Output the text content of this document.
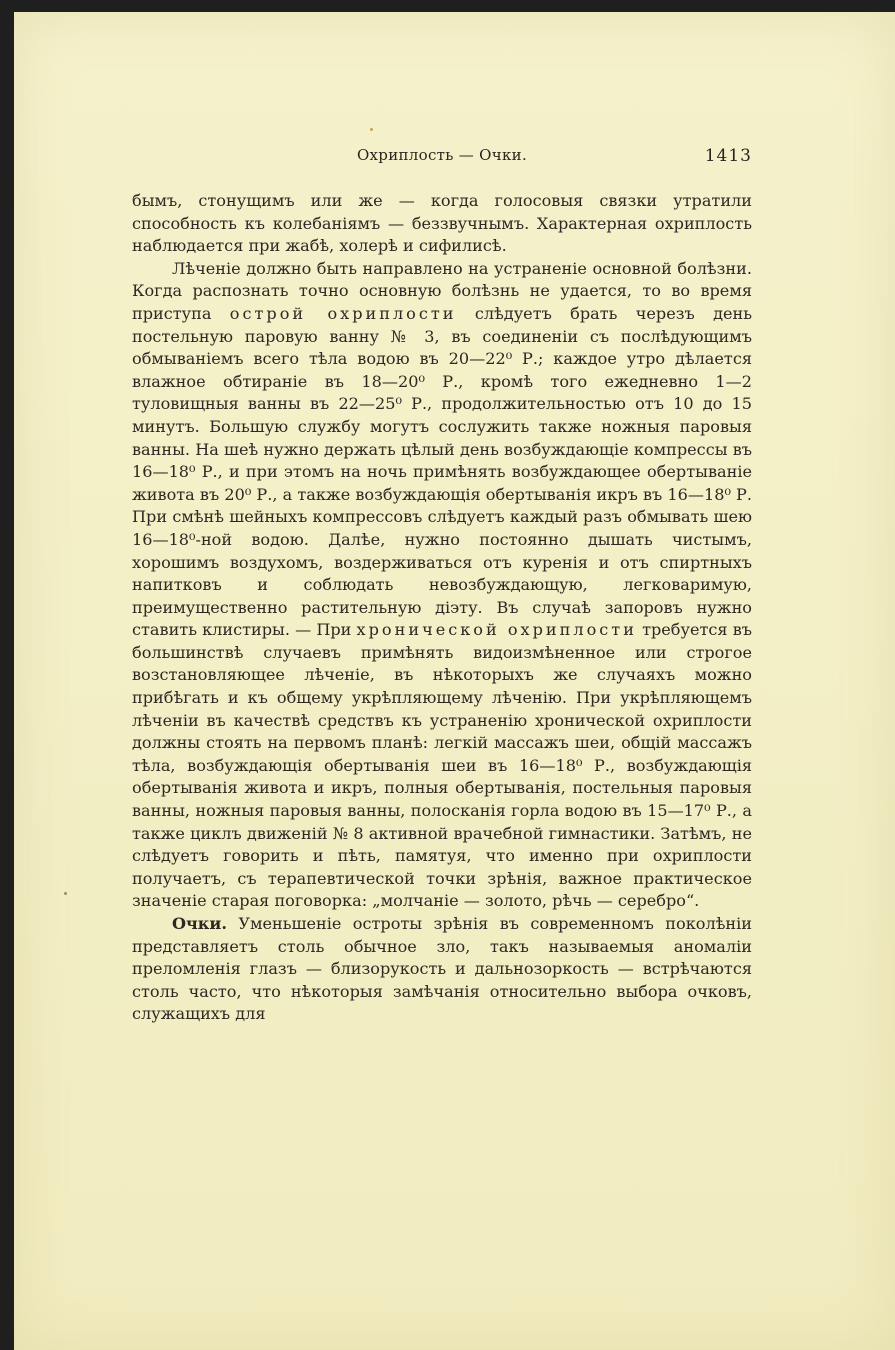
Охриплость — Очки.	1413

бымъ, стонущимъ или же — когда голосовыя связки утратили способность къ колебаніямъ — беззвучнымъ. Характерная охриплость наблюдается при жабѣ, холерѣ и сифилисѣ.

Лѣченіе должно быть направлено на устраненіе основной болѣзни. Когда распознать точно основную болѣзнь не удается, то во время приступа острой охриплости слѣдуетъ брать черезъ день постельную паровую ванну № 3, въ соединеніи съ послѣдующимъ обмываніемъ всего тѣла водою въ 20—22⁰ Р.; каждое утро дѣлается влажное обтираніе въ 18—20⁰ Р., кромѣ того ежедневно 1—2 туловищныя ванны въ 22—25⁰ Р., продолжительностью отъ 10 до 15 минутъ. Большую службу могутъ сослужить также ножныя паровыя ванны. На шеѣ нужно держать цѣлый день возбуждающіе компрессы въ 16—18⁰ Р., и при этомъ на ночь примѣнять возбуждающее обертываніе живота въ 20⁰ Р., а также возбуждающія обертыванія икръ въ 16—18⁰ Р. При смѣнѣ шейныхъ компрессовъ слѣдуетъ каждый разъ обмывать шею 16—18⁰-ной водою. Далѣе, нужно постоянно дышать чистымъ, хорошимъ воздухомъ, воздерживаться отъ куренія и отъ спиртныхъ напитковъ и соблюдать невозбуждающую, легковаримую, преимущественно растительную діэту. Въ случаѣ запоровъ нужно ставить клистиры. — При хронической охриплости требуется въ большинствѣ случаевъ примѣнять видоизмѣненное или строгое возстановляющее лѣченіе, въ нѣкоторыхъ же случаяхъ можно прибѣгать и къ общему укрѣпляющему лѣченію. При укрѣпляющемъ лѣченіи въ качествѣ средствъ къ устраненію хронической охриплости должны стоять на первомъ планѣ: легкій массажъ шеи, общій массажъ тѣла, возбуждающія обертыванія шеи въ 16—18⁰ Р., возбуждающія обертыванія живота и икръ, полныя обертыванія, постельныя паровыя ванны, ножныя паровыя ванны, полосканія горла водою въ 15—17⁰ Р., а также циклъ движеній № 8 активной врачебной гимнастики. Затѣмъ, не слѣдуетъ говорить и пѣть, памятуя, что именно при охриплости получаетъ, съ терапевтической точки зрѣнія, важное практическое значеніе старая поговорка: „молчаніе — золото, рѣчь — серебро“.

Очки. Уменьшеніе остроты зрѣнія въ современномъ поколѣніи представляетъ столь обычное зло, такъ называемыя аномаліи преломленія глазъ — близорукость и дальнозоркость — встрѣчаются столь часто, что нѣкоторыя замѣчанія относительно выбора очковъ, служащихъ для
